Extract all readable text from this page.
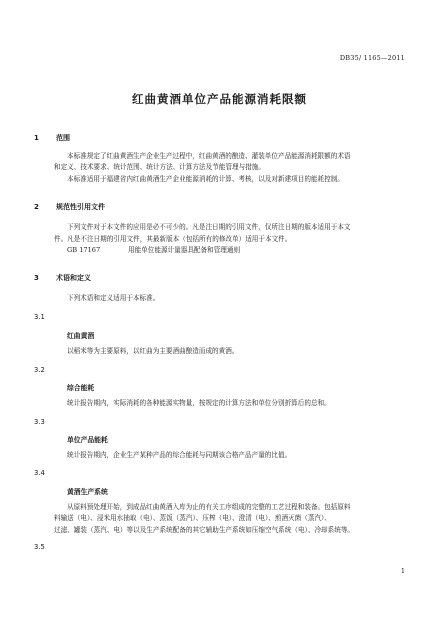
DB35/ 1165—2011
红曲黄酒单位产品能源消耗限额
1 范围
本标准规定了红曲黄酒生产企业生产过程中，红曲黄酒的酿造、灌装单位产品能源消耗限额的术语
和定义、技术要求、统计范围、统计方法、计算方法及节能管理与措施。
本标准适用于福建省内红曲黄酒生产企业能源消耗的计算、考核，以及对新建项目的能耗控制。
2 规范性引用文件
下列文件对于本文件的应用是必不可少的。凡是注日期的引用文件，仅所注日期的版本适用于本文
件。凡是不注日期的引用文件，其最新版本（包括所有的修改单）适用于本文件。
GB 17167	用能单位能源计量器具配备和管理通则
3 术语和定义
下列术语和定义适用于本标准。
3.1
红曲黄酒
以稻米等为主要原料，以红曲为主要酒曲酿造而成的黄酒。
3.2
综合能耗
统计报告期内，实际消耗的各种能源实物量，按规定的计算方法和单位分别折算后的总和。
3.3
单位产品能耗
统计报告期内，企业生产某种产品的综合能耗与同期该合格产品产量的比值。
3.4
黄酒生产系统
从原料预处理开始，到成品红曲黄酒入库为止的有关工序组成的完整的工艺过程和装备。包括原料
料输送（电）、浸米用水抽取（电）、蒸饭（蒸汽）、压榨（电）、澄清（电）、煎酒灭菌（蒸汽）、
过滤、罐装（蒸汽、电）等以及生产系统配备的其它辅助生产系统如压缩空气系统（电）、冷却系统等。
3.5
1
